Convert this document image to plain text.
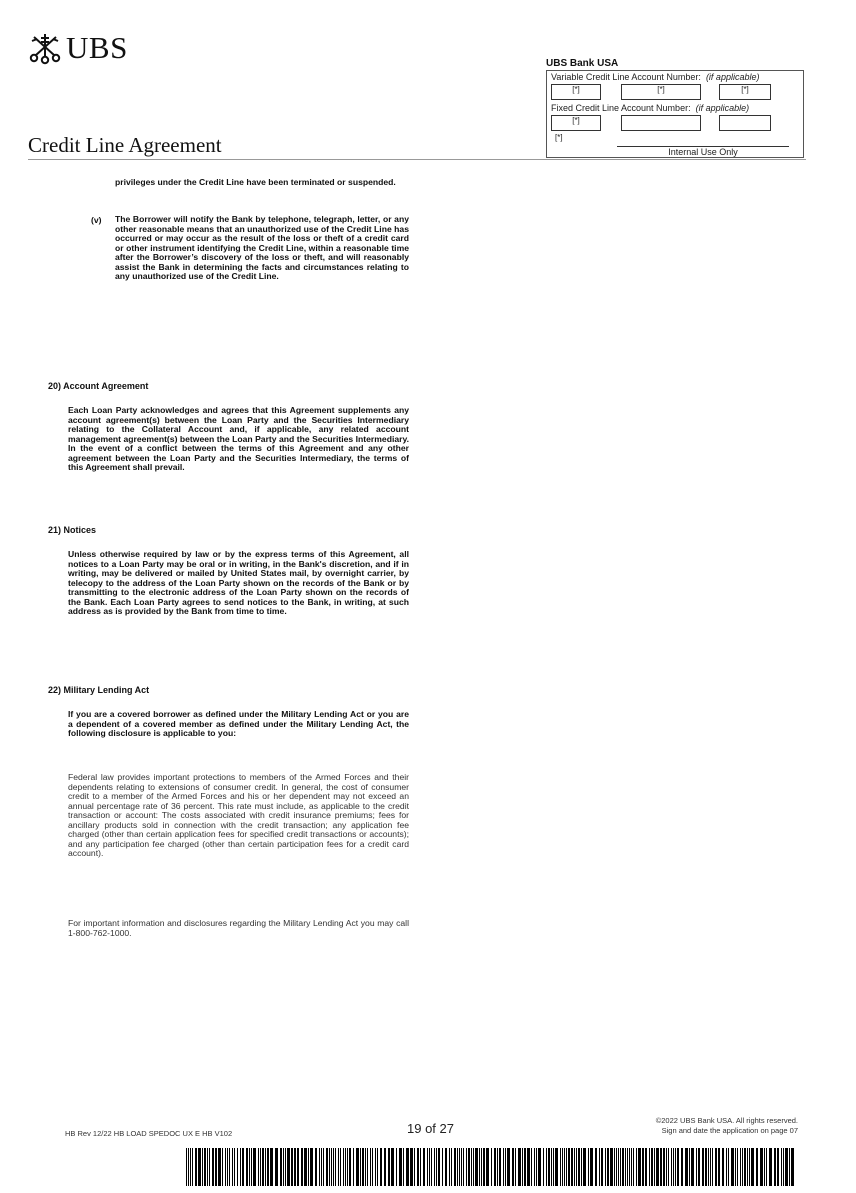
UBS
Credit Line Agreement
UBS Bank USA
Variable Credit Line Account Number: (if applicable)
[*]	[*]	[*]
Fixed Credit Line Account Number: (if applicable)
[*]
[*]
Internal Use Only
privileges under the Credit Line have been terminated or suspended.
(v) The Borrower will notify the Bank by telephone, telegraph, letter, or any other reasonable means that an unauthorized use of the Credit Line has occurred or may occur as the result of the loss or theft of a credit card or other instrument identifying the Credit Line, within a reasonable time after the Borrower’s discovery of the loss or theft, and will reasonably assist the Bank in determining the facts and circumstances relating to any unauthorized use of the Credit Line.
20) Account Agreement
Each Loan Party acknowledges and agrees that this Agreement supplements any account agreement(s) between the Loan Party and the Securities Intermediary relating to the Collateral Account and, if applicable, any related account management agreement(s) between the Loan Party and the Securities Intermediary. In the event of a conflict between the terms of this Agreement and any other agreement between the Loan Party and the Securities Intermediary, the terms of this Agreement shall prevail.
21) Notices
Unless otherwise required by law or by the express terms of this Agreement, all notices to a Loan Party may be oral or in writing, in the Bank's discretion, and if in writing, may be delivered or mailed by United States mail, by overnight carrier, by telecopy to the address of the Loan Party shown on the records of the Bank or by transmitting to the electronic address of the Loan Party shown on the records of the Bank. Each Loan Party agrees to send notices to the Bank, in writing, at such address as is provided by the Bank from time to time.
22) Military Lending Act
If you are a covered borrower as defined under the Military Lending Act or you are a dependent of a covered member as defined under the Military Lending Act, the following disclosure is applicable to you:
Federal law provides important protections to members of the Armed Forces and their dependents relating to extensions of consumer credit. In general, the cost of consumer credit to a member of the Armed Forces and his or her dependent may not exceed an annual percentage rate of 36 percent. This rate must include, as applicable to the credit transaction or account: The costs associated with credit insurance premiums; fees for ancillary products sold in connection with the credit transaction; any application fee charged (other than certain application fees for specified credit transactions or accounts); and any participation fee charged (other than certain participation fees for a credit card account).
For important information and disclosures regarding the Military Lending Act you may call 1-800-762-1000.
HB Rev 12/22 HB LOAD SPEDOC UX E HB V102	19 of 27
©2022 UBS Bank USA. All rights reserved.
Sign and date the application on page 07
